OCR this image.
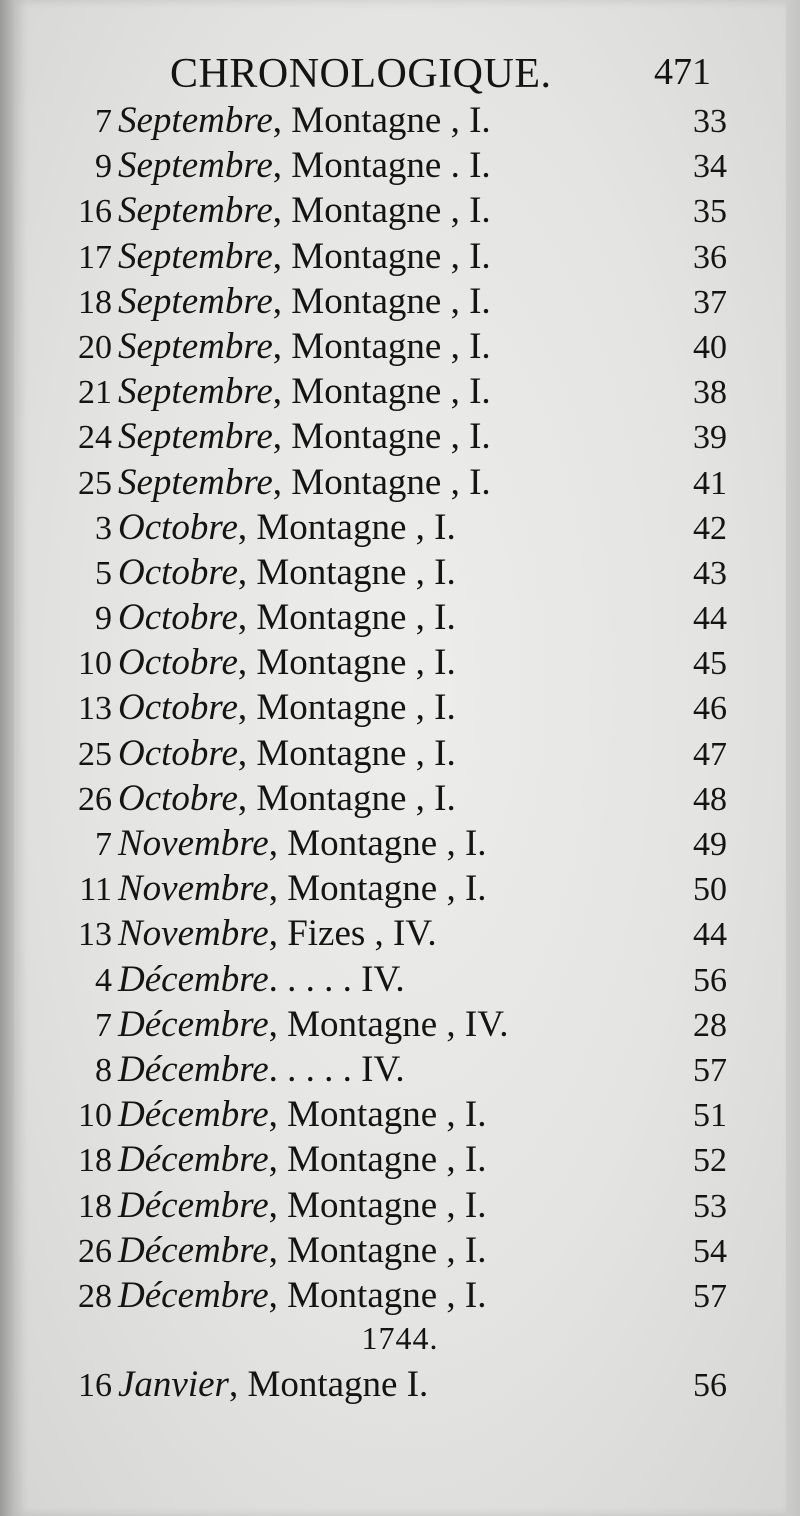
CHRONOLOGIQUE.	471
7 Septembre, Montagne , I.	33
9 Septembre, Montagne . I.	34
16 Septembre, Montagne , I.	35
17 Septembre, Montagne , I.	36
18 Septembre, Montagne , I.	37
20 Septembre, Montagne , I.	40
21 Septembre, Montagne , I.	38
24 Septembre, Montagne , I.	39
25 Septembre, Montagne , I.	41
3 Octobre, Montagne , I.	42
5 Octobre, Montagne , I.	43
9 Octobre, Montagne , I.	44
10 Octobre, Montagne , I.	45
13 Octobre, Montagne , I.	46
25 Octobre, Montagne , I.	47
26 Octobre, Montagne , I.	48
7 Novembre, Montagne , I.	49
11 Novembre, Montagne , I.	50
13 Novembre, Fizes , IV.	44
4 Décembre. . . . . IV.	56
7 Décembre, Montagne , IV.	28
8 Décembre. . . . . IV.	57
10 Décembre, Montagne , I.	51
18 Décembre, Montagne , I.	52
18 Décembre, Montagne , I.	53
26 Décembre, Montagne , I.	54
28 Décembre, Montagne , I.	57
1744.
16 Janvier, Montagne I.	56
